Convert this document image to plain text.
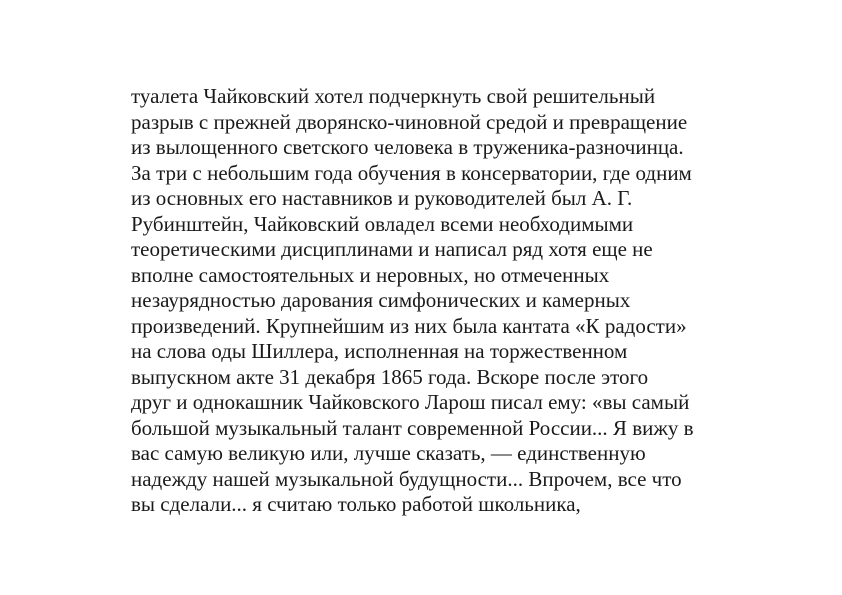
туалета Чайковский хотел подчеркнуть свой решительный
разрыв с прежней дворянско-чиновной средой и превращение
из вылощенного светского человека в труженика-разночинца.
За три с небольшим года обучения в консерватории, где одним
из основных его наставников и руководителей был А. Г.
Рубинштейн, Чайковский овладел всеми необходимыми
теоретическими дисциплинами и написал ряд хотя еще не
вполне самостоятельных и неровных, но отмеченных
незаурядностью дарования симфонических и камерных
произведений. Крупнейшим из них была кантата «К радости»
на слова оды Шиллера, исполненная на торжественном
выпускном акте 31 декабря 1865 года. Вскоре после этого
друг и однокашник Чайковского Ларош писал ему: «вы самый
большой музыкальный талант современной России... Я вижу в
вас самую великую или, лучше сказать, — единственную
надежду нашей музыкальной будущности... Впрочем, все что
вы сделали... я считаю только работой школьника,
